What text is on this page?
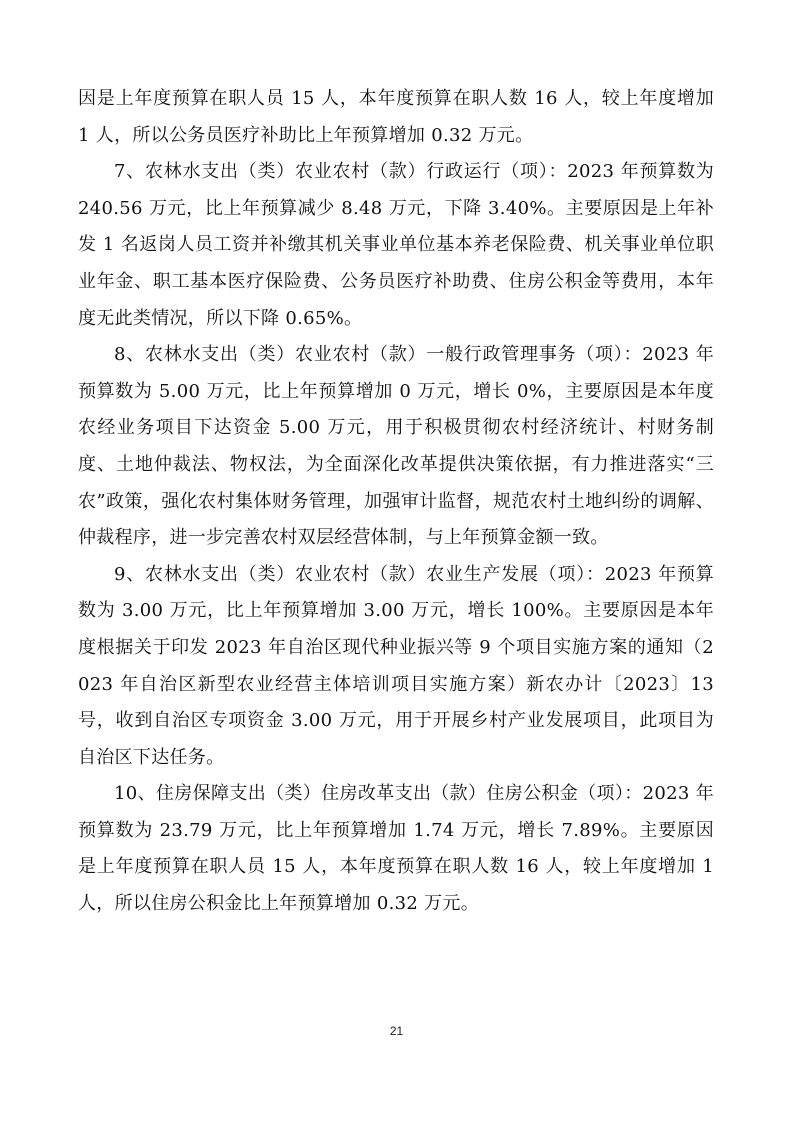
因是上年度预算在职人员 15 人，本年度预算在职人数 16 人，较上年度增加 1 人，所以公务员医疗补助比上年预算增加 0.32 万元。

7、农林水支出（类）农业农村（款）行政运行（项）：2023 年预算数为 240.56 万元，比上年预算减少 8.48 万元，下降 3.40%。主要原因是上年补发 1 名返岗人员工资并补缴其机关事业单位基本养老保险费、机关事业单位职业年金、职工基本医疗保险费、公务员医疗补助费、住房公积金等费用，本年度无此类情况，所以下降 0.65%。

8、农林水支出（类）农业农村（款）一般行政管理事务（项）：2023 年预算数为 5.00 万元，比上年预算增加 0 万元，增长 0%，主要原因是本年度农经业务项目下达资金 5.00 万元，用于积极贯彻农村经济统计、村财务制度、土地仲裁法、物权法，为全面深化改革提供决策依据，有力推进落实“三农”政策，强化农村集体财务管理，加强审计监督，规范农村土地纠纷的调解、仲裁程序，进一步完善农村双层经营体制，与上年预算金额一致。

9、农林水支出（类）农业农村（款）农业生产发展（项）：2023 年预算数为 3.00 万元，比上年预算增加 3.00 万元，增长 100%。主要原因是本年度根据关于印发 2023 年自治区现代种业振兴等 9 个项目实施方案的通知（2023 年自治区新型农业经营主体培训项目实施方案）新农办计〔2023〕13 号，收到自治区专项资金 3.00 万元，用于开展乡村产业发展项目，此项目为自治区下达任务。

10、住房保障支出（类）住房改革支出（款）住房公积金（项）：2023 年预算数为 23.79 万元，比上年预算增加 1.74 万元，增长 7.89%。主要原因是上年度预算在职人员 15 人，本年度预算在职人数 16 人，较上年度增加 1 人，所以住房公积金比上年预算增加 0.32 万元。

21
